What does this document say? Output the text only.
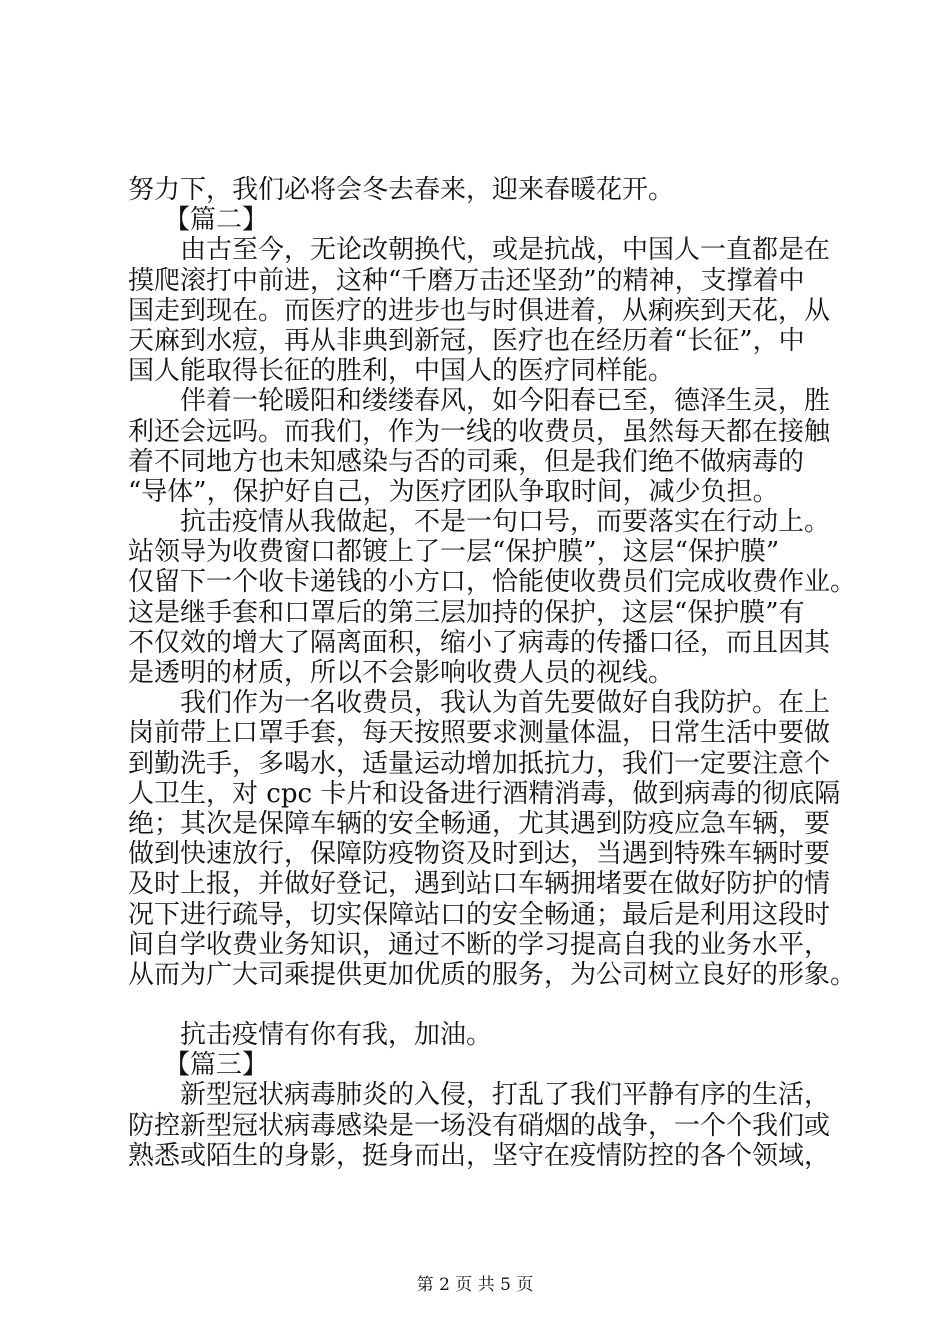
努力下，我们必将会冬去春来，迎来春暖花开。
【篇二】
由古至今，无论改朝换代，或是抗战，中国人一直都是在
摸爬滚打中前进，这种“千磨万击还坚劲”的精神，支撑着中
国走到现在。而医疗的进步也与时俱进着，从痢疾到天花，从
天麻到水痘，再从非典到新冠，医疗也在经历着“长征”，中
国人能取得长征的胜利，中国人的医疗同样能。
伴着一轮暖阳和缕缕春风，如今阳春已至，德泽生灵，胜
利还会远吗。而我们，作为一线的收费员，虽然每天都在接触
着不同地方也未知感染与否的司乘，但是我们绝不做病毒的
“导体”，保护好自己，为医疗团队争取时间，减少负担。
抗击疫情从我做起，不是一句口号，而要落实在行动上。
站领导为收费窗口都镀上了一层“保护膜”，这层“保护膜”
仅留下一个收卡递钱的小方口，恰能使收费员们完成收费作业。
这是继手套和口罩后的第三层加持的保护，这层“保护膜”有
不仅效的增大了隔离面积，缩小了病毒的传播口径，而且因其
是透明的材质，所以不会影响收费人员的视线。
我们作为一名收费员，我认为首先要做好自我防护。在上
岗前带上口罩手套，每天按照要求测量体温，日常生活中要做
到勤洗手，多喝水，适量运动增加抵抗力，我们一定要注意个
人卫生，对 cpc 卡片和设备进行酒精消毒，做到病毒的彻底隔
绝；其次是保障车辆的安全畅通，尤其遇到防疫应急车辆，要
做到快速放行，保障防疫物资及时到达，当遇到特殊车辆时要
及时上报，并做好登记，遇到站口车辆拥堵要在做好防护的情
况下进行疏导，切实保障站口的安全畅通；最后是利用这段时
间自学收费业务知识，通过不断的学习提高自我的业务水平，
从而为广大司乘提供更加优质的服务，为公司树立良好的形象。
抗击疫情有你有我，加油。
【篇三】
新型冠状病毒肺炎的入侵，打乱了我们平静有序的生活，
防控新型冠状病毒感染是一场没有硝烟的战争，一个个我们或
熟悉或陌生的身影，挺身而出，坚守在疫情防控的各个领域，
第 2 页 共 5 页
